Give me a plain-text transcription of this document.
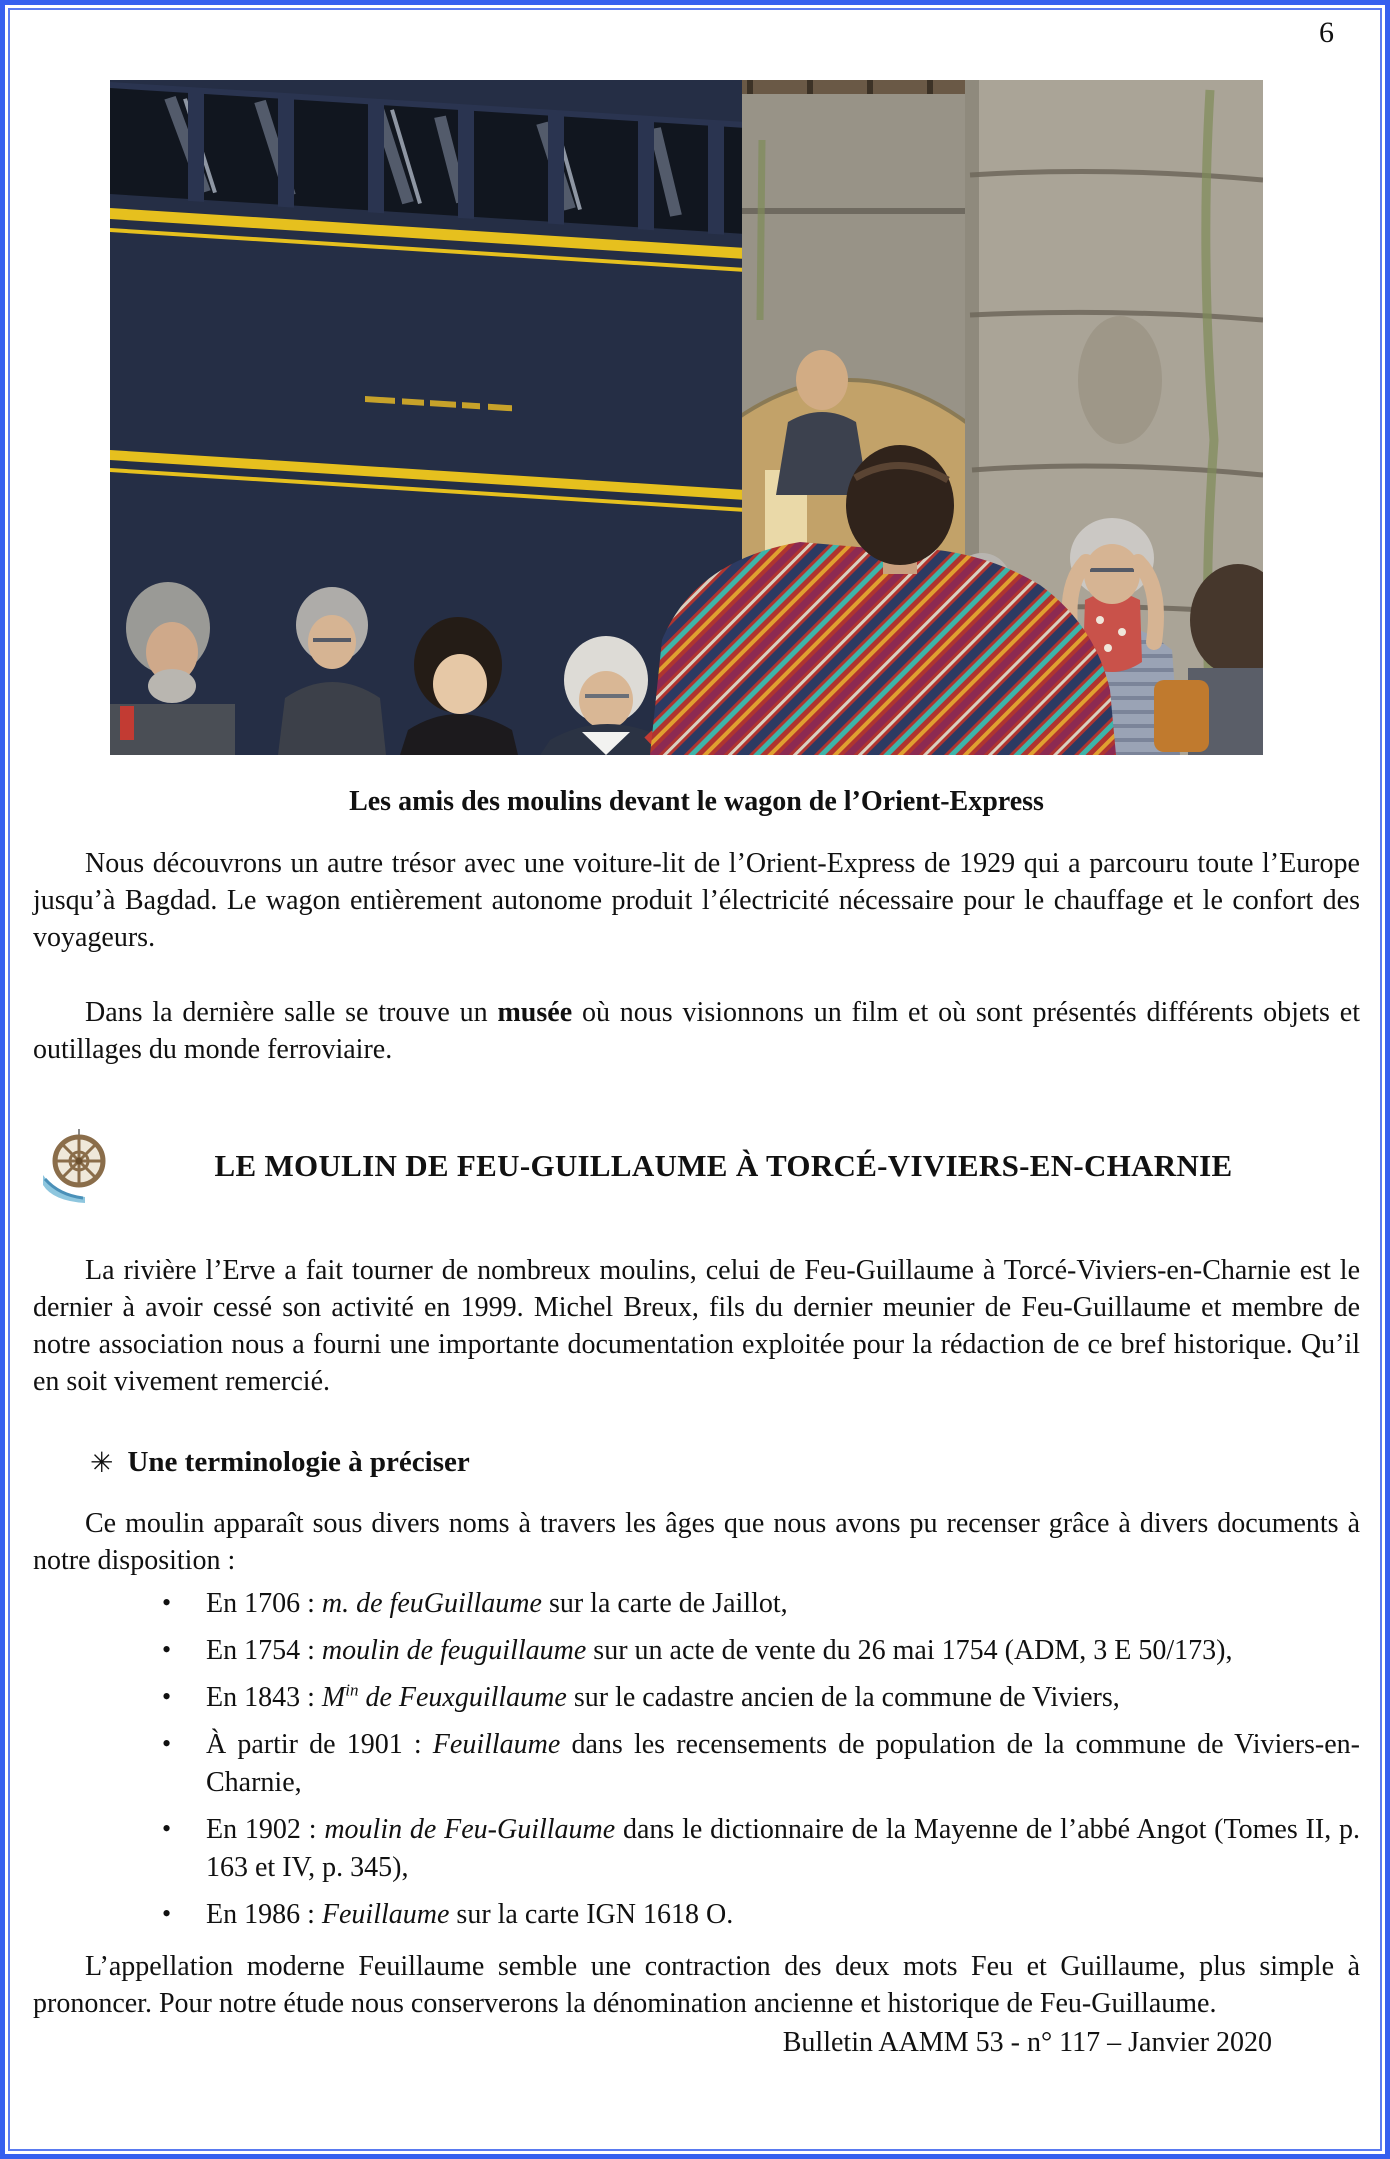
6
Les amis des moulins devant le wagon de l’Orient-Express

Nous découvrons un autre trésor avec une voiture-lit de l’Orient-Express de 1929 qui a parcouru toute l’Europe jusqu’à Bagdad. Le wagon entièrement autonome produit l’électricité nécessaire pour le chauffage et le confort des voyageurs.

Dans la dernière salle se trouve un musée où nous visionnons un film et où sont présentés différents objets et outillages du monde ferroviaire.

LE MOULIN DE FEU-GUILLAUME À TORCÉ-VIVIERS-EN-CHARNIE

La rivière l’Erve a fait tourner de nombreux moulins, celui de Feu-Guillaume à Torcé-Viviers-en-Charnie est le dernier à avoir cessé son activité en 1999. Michel Breux, fils du dernier meunier de Feu-Guillaume et membre de notre association nous a fourni une importante documentation exploitée pour la rédaction de ce bref historique. Qu’il en soit vivement remercié.

✳ Une terminologie à préciser

Ce moulin apparaît sous divers noms à travers les âges que nous avons pu recenser grâce à divers documents à notre disposition :

• En 1706 : m. de feuGuillaume sur la carte de Jaillot,
• En 1754 : moulin de feuguillaume sur un acte de vente du 26 mai 1754 (ADM, 3 E 50/173),
• En 1843 : $M^{in}$ de Feuxguillaume sur le cadastre ancien de la commune de Viviers,
• À partir de 1901 : Feuillaume dans les recensements de population de la commune de Viviers-en-Charnie,
• En 1902 : moulin de Feu-Guillaume dans le dictionnaire de la Mayenne de l’abbé Angot (Tomes II, p. 163 et IV, p. 345),
• En 1986 : Feuillaume sur la carte IGN 1618 O.

L’appellation moderne Feuillaume semble une contraction des deux mots Feu et Guillaume, plus simple à prononcer. Pour notre étude nous conserverons la dénomination ancienne et historique de Feu-Guillaume.

Bulletin AAMM 53 - n° 117 – Janvier 2020
